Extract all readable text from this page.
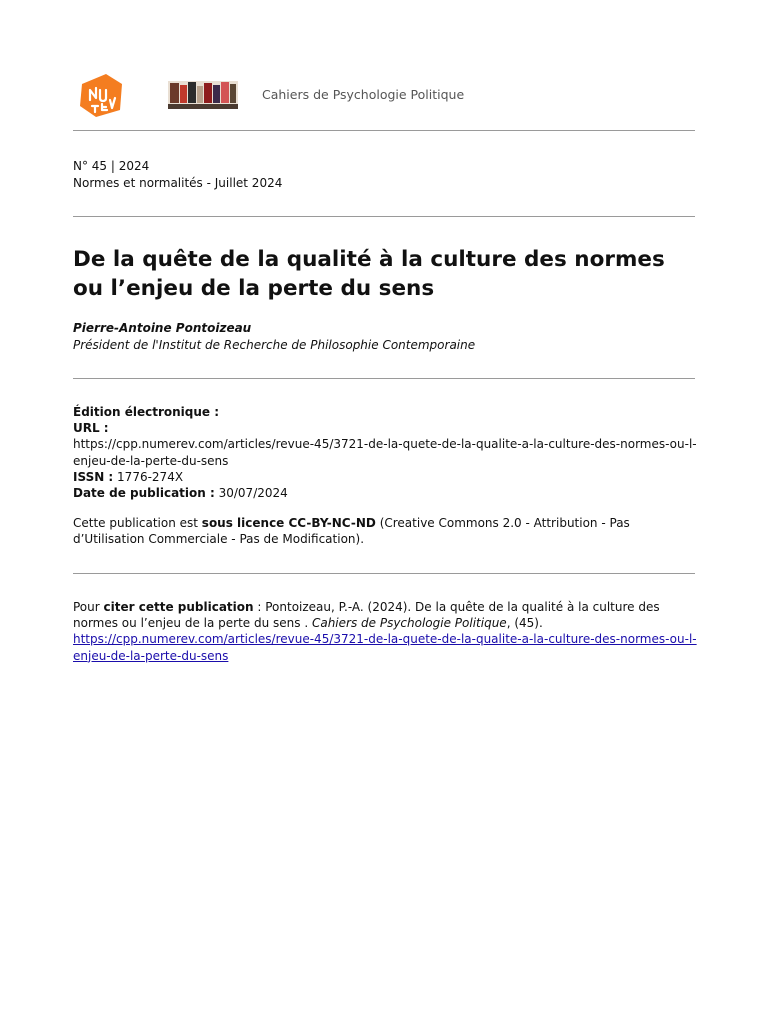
Cahiers de Psychologie Politique
N° 45 | 2024
Normes et normalités - Juillet 2024
De la quête de la qualité à la culture des normes ou l’enjeu de la perte du sens
Pierre-Antoine Pontoizeau
Président de l'Institut de Recherche de Philosophie Contemporaine
Édition électronique :
URL :
https://cpp.numerev.com/articles/revue-45/3721-de-la-quete-de-la-qualite-a-la-culture-des-normes-ou-l-enjeu-de-la-perte-du-sens
ISSN : 1776-274X
Date de publication : 30/07/2024
Cette publication est sous licence CC-BY-NC-ND (Creative Commons 2.0 - Attribution - Pas d’Utilisation Commerciale - Pas de Modification).
Pour citer cette publication : Pontoizeau, P.-A. (2024). De la quête de la qualité à la culture des normes ou l’enjeu de la perte du sens . Cahiers de Psychologie Politique, (45).
https://cpp.numerev.com/articles/revue-45/3721-de-la-quete-de-la-qualite-a-la-culture-des-normes-ou-l-enjeu-de-la-perte-du-sens
